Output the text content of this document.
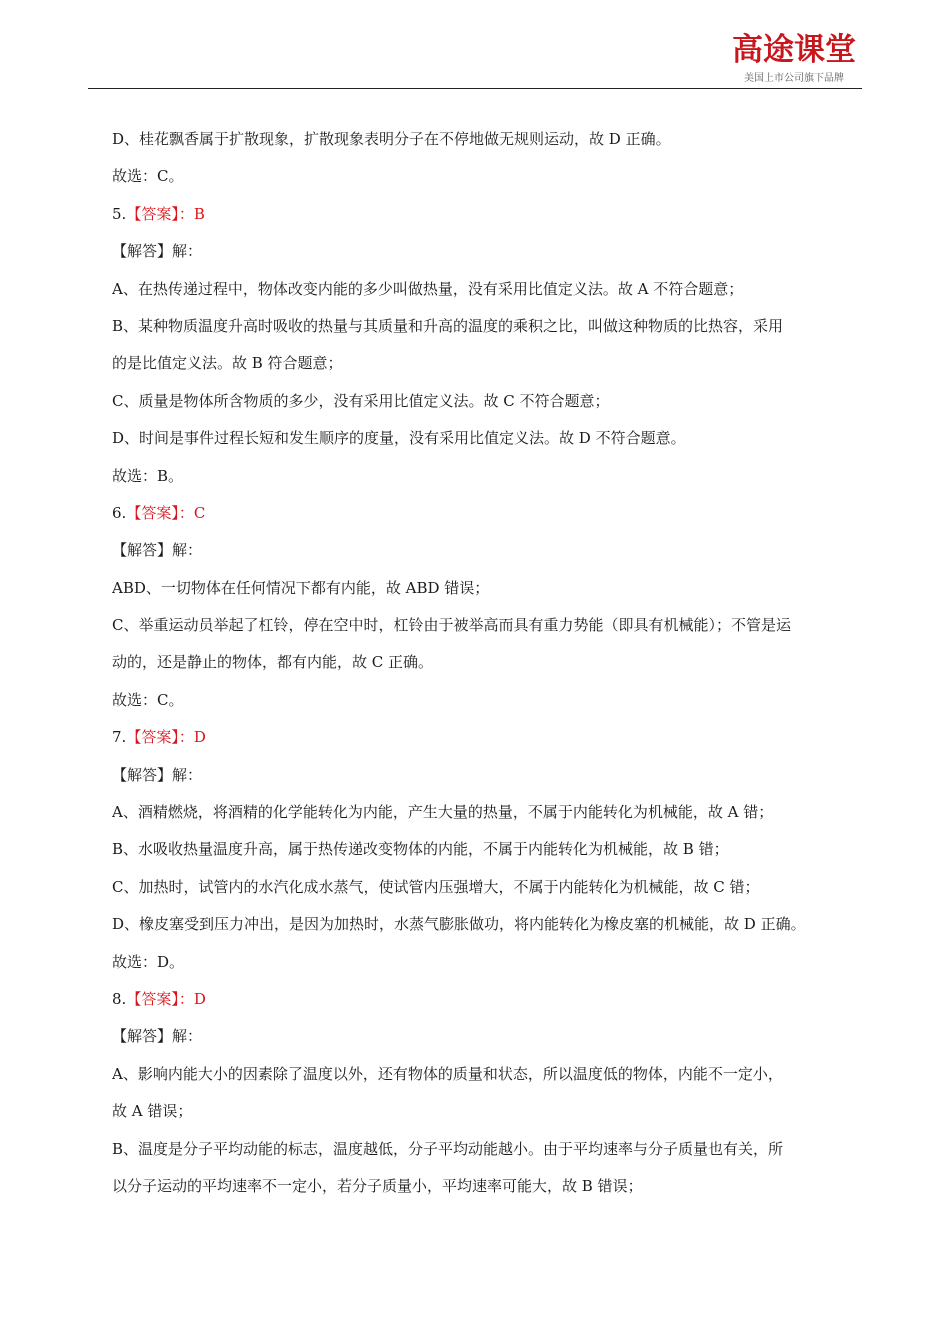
高途课堂
美国上市公司旗下品牌
D、桂花飘香属于扩散现象，扩散现象表明分子在不停地做无规则运动，故 D 正确。
故选：C。
5.【答案】：B
【解答】解：
A、在热传递过程中，物体改变内能的多少叫做热量，没有采用比值定义法。故 A 不符合题意；
B、某种物质温度升高时吸收的热量与其质量和升高的温度的乘积之比，叫做这种物质的比热容，采用
的是比值定义法。故 B 符合题意；
C、质量是物体所含物质的多少，没有采用比值定义法。故 C 不符合题意；
D、时间是事件过程长短和发生顺序的度量，没有采用比值定义法。故 D 不符合题意。
故选：B。
6.【答案】：C
【解答】解：
ABD、一切物体在任何情况下都有内能，故 ABD 错误；
C、举重运动员举起了杠铃，停在空中时，杠铃由于被举高而具有重力势能（即具有机械能）；不管是运
动的，还是静止的物体，都有内能，故 C 正确。
故选：C。
7.【答案】：D
【解答】解：
A、酒精燃烧，将酒精的化学能转化为内能，产生大量的热量，不属于内能转化为机械能，故 A 错；
B、水吸收热量温度升高，属于热传递改变物体的内能，不属于内能转化为机械能，故 B 错；
C、加热时，试管内的水汽化成水蒸气，使试管内压强增大，不属于内能转化为机械能，故 C 错；
D、橡皮塞受到压力冲出，是因为加热时，水蒸气膨胀做功，将内能转化为橡皮塞的机械能，故 D 正确。
故选：D。
8.【答案】：D
【解答】解：
A、影响内能大小的因素除了温度以外，还有物体的质量和状态，所以温度低的物体，内能不一定小，
故 A 错误；
B、温度是分子平均动能的标志，温度越低，分子平均动能越小。由于平均速率与分子质量也有关，所
以分子运动的平均速率不一定小，若分子质量小，平均速率可能大，故 B 错误；
